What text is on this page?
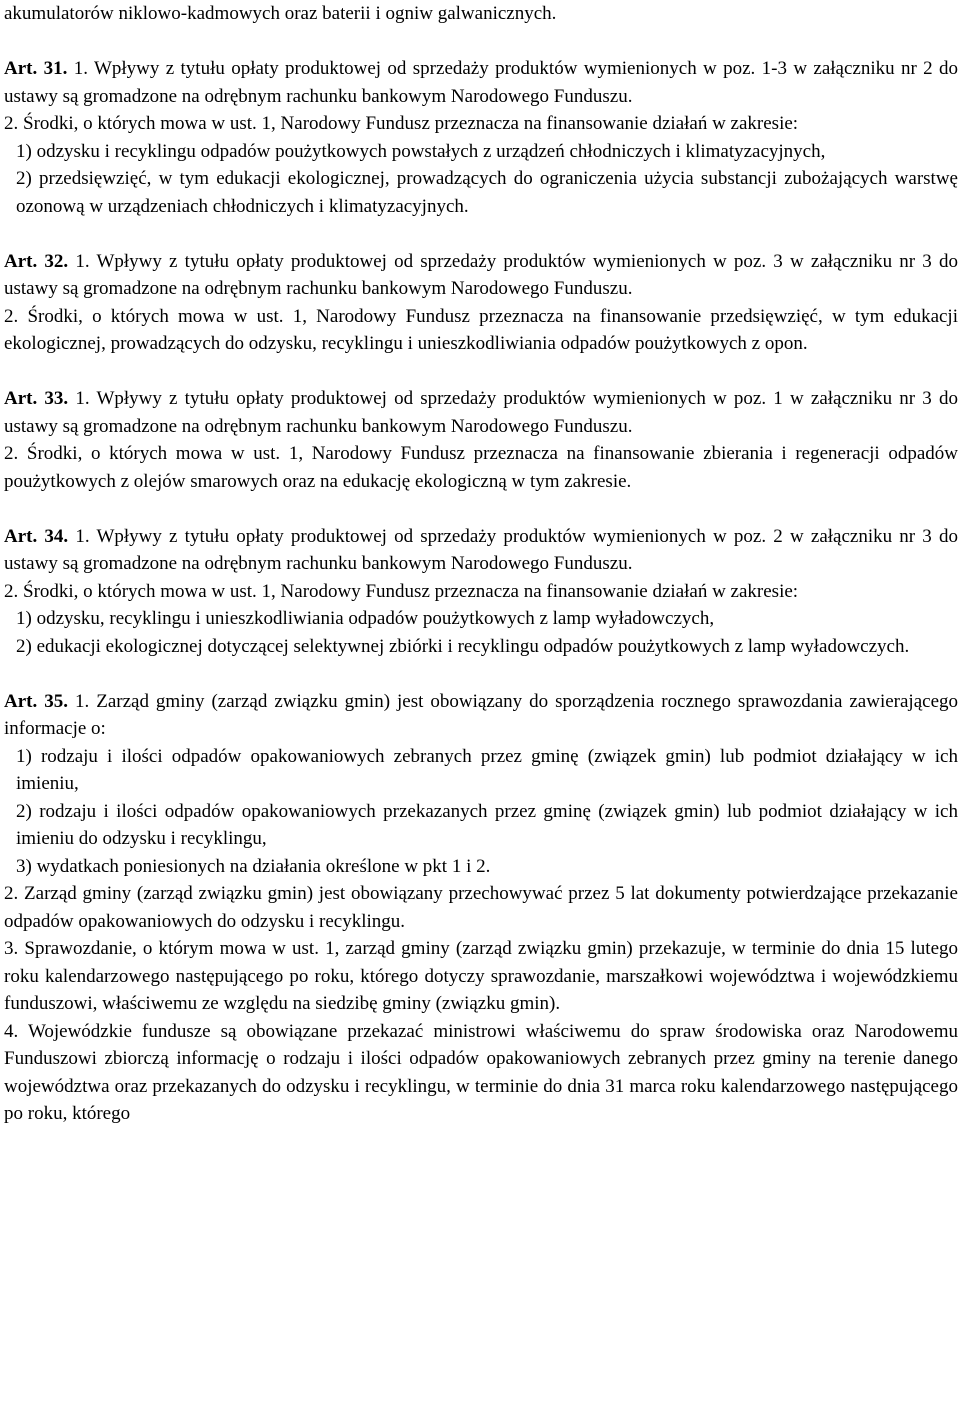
akumulatorów niklowo-kadmowych oraz baterii i ogniw galwanicznych.

Art. 31. 1. Wpływy z tytułu opłaty produktowej od sprzedaży produktów wymienionych w poz. 1-3 w załączniku nr 2 do ustawy są gromadzone na odrębnym rachunku bankowym Narodowego Funduszu.

2. Środki, o których mowa w ust. 1, Narodowy Fundusz przeznacza na finansowanie działań w zakresie:

1) odzysku i recyklingu odpadów poużytkowych powstałych z urządzeń chłodniczych i klimatyzacyjnych,

2) przedsięwzięć, w tym edukacji ekologicznej, prowadzących do ograniczenia użycia substancji zubożających warstwę ozonową w urządzeniach chłodniczych i klimatyzacyjnych.

Art. 32. 1. Wpływy z tytułu opłaty produktowej od sprzedaży produktów wymienionych w poz. 3 w załączniku nr 3 do ustawy są gromadzone na odrębnym rachunku bankowym Narodowego Funduszu.

2. Środki, o których mowa w ust. 1, Narodowy Fundusz przeznacza na finansowanie przedsięwzięć, w tym edukacji ekologicznej, prowadzących do odzysku, recyklingu i unieszkodliwiania odpadów poużytkowych z opon.

Art. 33. 1. Wpływy z tytułu opłaty produktowej od sprzedaży produktów wymienionych w poz. 1 w załączniku nr 3 do ustawy są gromadzone na odrębnym rachunku bankowym Narodowego Funduszu.

2. Środki, o których mowa w ust. 1, Narodowy Fundusz przeznacza na finansowanie zbierania i regeneracji odpadów poużytkowych z olejów smarowych oraz na edukację ekologiczną w tym zakresie.

Art. 34. 1. Wpływy z tytułu opłaty produktowej od sprzedaży produktów wymienionych w poz. 2 w załączniku nr 3 do ustawy są gromadzone na odrębnym rachunku bankowym Narodowego Funduszu.

2. Środki, o których mowa w ust. 1, Narodowy Fundusz przeznacza na finansowanie działań w zakresie:

1) odzysku, recyklingu i unieszkodliwiania odpadów poużytkowych z lamp wyładowczych,

2) edukacji ekologicznej dotyczącej selektywnej zbiórki i recyklingu odpadów poużytkowych z lamp wyładowczych.

Art. 35. 1. Zarząd gminy (zarząd związku gmin) jest obowiązany do sporządzenia rocznego sprawozdania zawierającego informacje o:

1) rodzaju i ilości odpadów opakowaniowych zebranych przez gminę (związek gmin) lub podmiot działający w ich imieniu,

2) rodzaju i ilości odpadów opakowaniowych przekazanych przez gminę (związek gmin) lub podmiot działający w ich imieniu do odzysku i recyklingu,

3) wydatkach poniesionych na działania określone w pkt 1 i 2.

2. Zarząd gminy (zarząd związku gmin) jest obowiązany przechowywać przez 5 lat dokumenty potwierdzające przekazanie odpadów opakowaniowych do odzysku i recyklingu.

3. Sprawozdanie, o którym mowa w ust. 1, zarząd gminy (zarząd związku gmin) przekazuje, w terminie do dnia 15 lutego roku kalendarzowego następującego po roku, którego dotyczy sprawozdanie, marszałkowi województwa i wojewódzkiemu funduszowi, właściwemu ze względu na siedzibę gminy (związku gmin).

4. Wojewódzkie fundusze są obowiązane przekazać ministrowi właściwemu do spraw środowiska oraz Narodowemu Funduszowi zbiorczą informację o rodzaju i ilości odpadów opakowaniowych zebranych przez gminy na terenie danego województwa oraz przekazanych do odzysku i recyklingu, w terminie do dnia 31 marca roku kalendarzowego następującego po roku, którego
